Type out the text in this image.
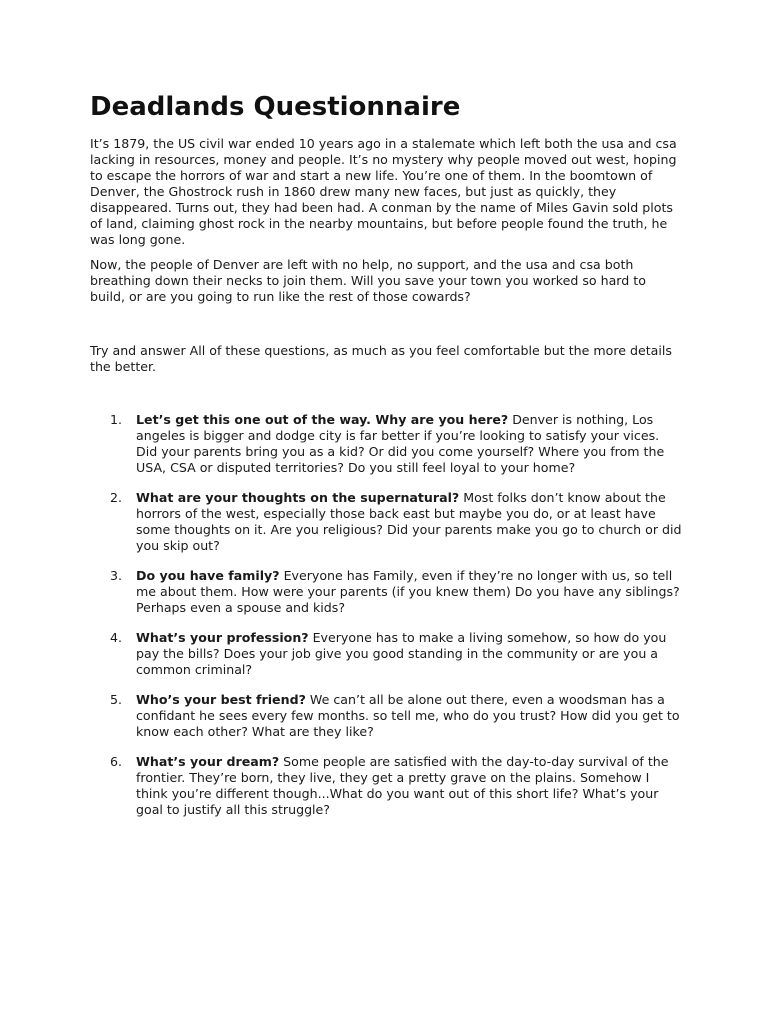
Deadlands Questionnaire

It’s 1879, the US civil war ended 10 years ago in a stalemate which left both the usa and csa lacking in resources, money and people. It’s no mystery why people moved out west, hoping to escape the horrors of war and start a new life. You’re one of them. In the boomtown of Denver, the Ghostrock rush in 1860 drew many new faces, but just as quickly, they disappeared. Turns out, they had been had. A conman by the name of Miles Gavin sold plots of land, claiming ghost rock in the nearby mountains, but before people found the truth, he was long gone.

Now, the people of Denver are left with no help, no support, and the usa and csa both breathing down their necks to join them. Will you save your town you worked so hard to build, or are you going to run like the rest of those cowards?

Try and answer All of these questions, as much as you feel comfortable but the more details the better.

1. Let’s get this one out of the way. Why are you here? Denver is nothing, Los angeles is bigger and dodge city is far better if you’re looking to satisfy your vices. Did your parents bring you as a kid? Or did you come yourself? Where you from the USA, CSA or disputed territories? Do you still feel loyal to your home?
2. What are your thoughts on the supernatural? Most folks don’t know about the horrors of the west, especially those back east but maybe you do, or at least have some thoughts on it. Are you religious? Did your parents make you go to church or did you skip out?
3. Do you have family? Everyone has Family, even if they’re no longer with us, so tell me about them. How were your parents (if you knew them) Do you have any siblings? Perhaps even a spouse and kids?
4. What’s your profession? Everyone has to make a living somehow, so how do you pay the bills? Does your job give you good standing in the community or are you a common criminal?
5. Who’s your best friend? We can’t all be alone out there, even a woodsman has a confidant he sees every few months. so tell me, who do you trust? How did you get to know each other? What are they like?
6. What’s your dream? Some people are satisfied with the day-to-day survival of the frontier. They’re born, they live, they get a pretty grave on the plains. Somehow I think you’re different though...What do you want out of this short life? What’s your goal to justify all this struggle?
